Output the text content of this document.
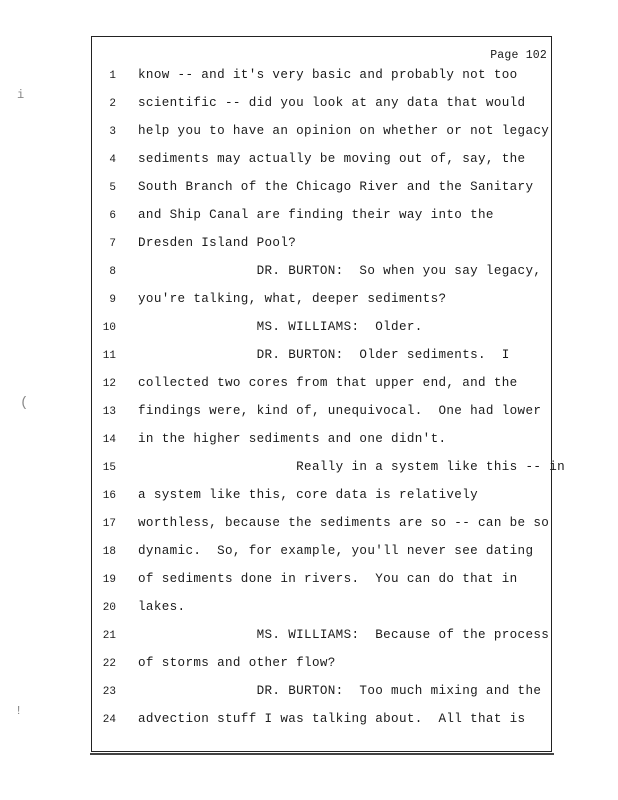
i
(
!
Page 102
1 know -- and it's very basic and probably not too
2 scientific -- did you look at any data that would
3 help you to have an opinion on whether or not legacy
4 sediments may actually be moving out of, say, the
5 South Branch of the Chicago River and the Sanitary
6 and Ship Canal are finding their way into the
7 Dresden Island Pool?
8 DR. BURTON:  So when you say legacy,
9 you're talking, what, deeper sediments?
10 MS. WILLIAMS:  Older.
11 DR. BURTON:  Older sediments.  I
12 collected two cores from that upper end, and the
13 findings were, kind of, unequivocal.  One had lower
14 in the higher sediments and one didn't.
15 Really in a system like this -- in
16 a system like this, core data is relatively
17 worthless, because the sediments are so -- can be so
18 dynamic.  So, for example, you'll never see dating
19 of sediments done in rivers.  You can do that in
20 lakes.
21 MS. WILLIAMS:  Because of the process
22 of storms and other flow?
23 DR. BURTON:  Too much mixing and the
24 advection stuff I was talking about.  All that is
